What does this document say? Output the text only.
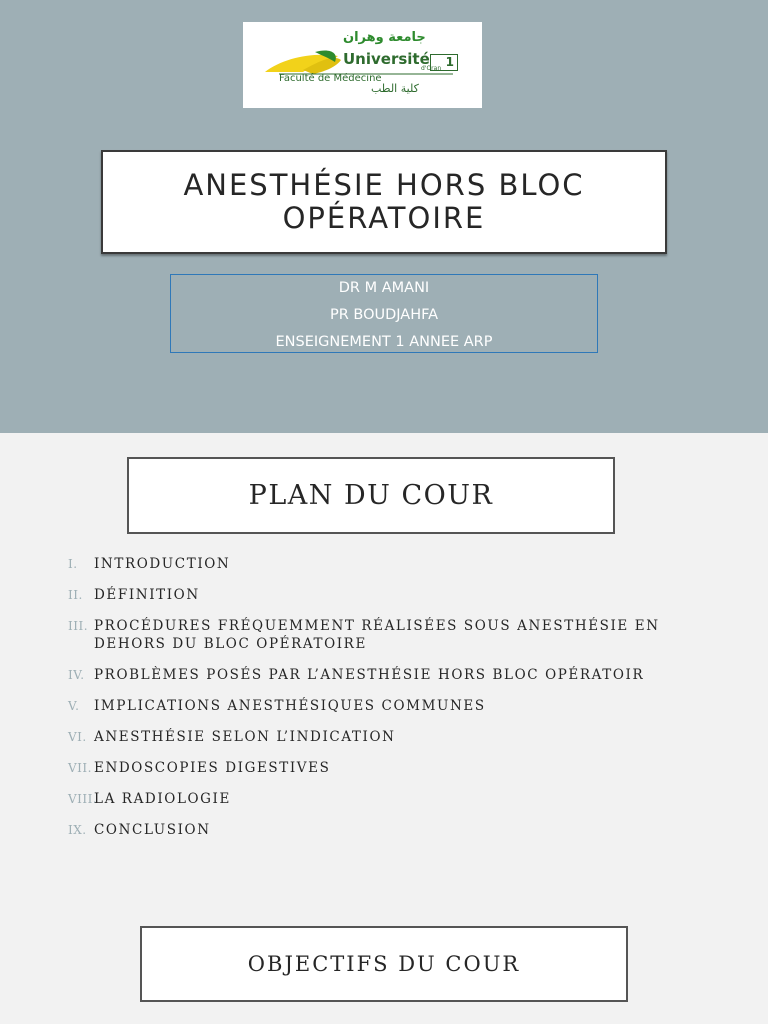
جامعة وهران
Université
d'Oran 1
Faculté de Médecine
كلية الطب
ANESTHÉSIE HORS BLOC OPÉRATOIRE
DR M AMANI
PR BOUDJAHFA
ENSEIGNEMENT 1 ANNEE ARP
PLAN DU COUR
I.	INTRODUCTION
II. DÉFINITION
III. PROCÉDURES FRÉQUEMMENT RÉALISÉES SOUS ANESTHÉSIE EN DEHORS DU BLOC OPÉRATOIRE
IV. PROBLÈMES POSÉS PAR L’ANESTHÉSIE HORS BLOC OPÉRATOIR
V.	IMPLICATIONS ANESTHÉSIQUES COMMUNES
VI. ANESTHÉSIE SELON L’INDICATION
VII. ENDOSCOPIES DIGESTIVES
VIII.
LA RADIOLOGIE
IX. CONCLUSION
OBJECTIFS DU COUR
